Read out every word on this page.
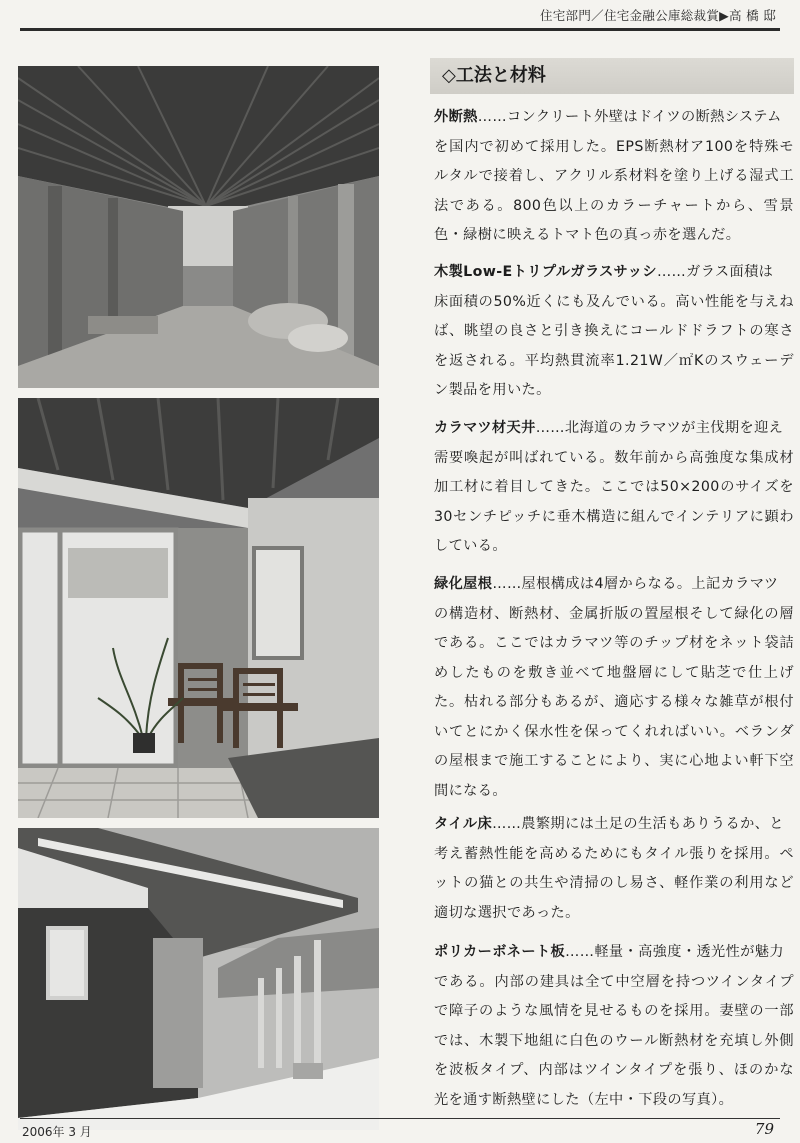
住宅部門／住宅金融公庫総裁賞▶高 橋 邸
◇工法と材料

外断熱……コンクリート外壁はドイツの断熱システム
を国内で初めて採用した。EPS断熱材ア100を特殊モルタルで接着し、アクリル系材料を塗り上げる湿式工法である。800色以上のカラーチャートから、雪景色・緑樹に映えるトマト色の真っ赤を選んだ。

木製Low-Eトリプルガラスサッシ……ガラス面積は
床面積の50%近くにも及んでいる。高い性能を与えねば、眺望の良さと引き換えにコールドドラフトの寒さを返される。平均熱貫流率1.21W／㎡Kのスウェーデン製品を用いた。

カラマツ材天井……北海道のカラマツが主伐期を迎え
需要喚起が叫ばれている。数年前から高強度な集成材加工材に着目してきた。ここでは50×200のサイズを30センチピッチに垂木構造に組んでインテリアに顕わしている。

緑化屋根……屋根構成は4層からなる。上記カラマツ
の構造材、断熱材、金属折版の置屋根そして緑化の層である。ここではカラマツ等のチップ材をネット袋詰めしたものを敷き並べて地盤層にして貼芝で仕上げた。枯れる部分もあるが、適応する様々な雑草が根付いてとにかく保水性を保ってくれればいい。ベランダの屋根まで施工することにより、実に心地よい軒下空間になる。

タイル床……農繁期には土足の生活もありうるか、と
考え蓄熱性能を高めるためにもタイル張りを採用。ペットの猫との共生や清掃のし易さ、軽作業の利用など適切な選択であった。

ポリカーボネート板……軽量・高強度・透光性が魅力
である。内部の建具は全て中空層を持つツインタイプで障子のような風情を見せるものを採用。妻壁の一部では、木製下地組に白色のウール断熱材を充填し外側を波板タイプ、内部はツインタイプを張り、ほのかな光を通す断熱壁にした（左中・下段の写真）。

2006年 3 月	79
